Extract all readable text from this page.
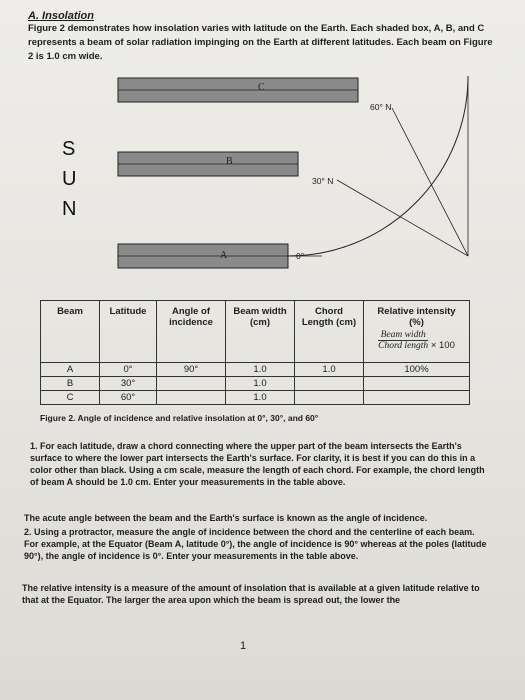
A. Insolation
Figure 2 demonstrates how insolation varies with latitude on the Earth. Each shaded box, A, B, and C represents a beam of solar radiation impinging on the Earth at different latitudes. Each beam on Figure 2 is 1.0 cm wide.
C
B
A
60° N
30° N
0°
S
U
N
Beam	Latitude	Angle of incidence	Beam width (cm)	Chord Length (cm)	Relative intensity
(%)
$\frac{\text{Beam width}}{\text{Chord length}} \times 100$

A	0°	90°	1.0	1.0	100%
B	30°		1.0		
C	60°		1.0		
Figure 2. Angle of incidence and relative insolation at 0°, 30°, and 60°
1. For each latitude, draw a chord connecting where the upper part of the beam intersects the Earth's surface to where the lower part intersects the Earth's surface. For clarity, it is best if you can do this in a color other than black. Using a cm scale, measure the length of each chord. For example, the chord length of beam A should be 1.0 cm. Enter your measurements in the table above.
The acute angle between the beam and the Earth's surface is known as the angle of incidence.
2. Using a protractor, measure the angle of incidence between the chord and the centerline of each beam. For example, at the Equator (Beam A, latitude 0°), the angle of incidence is 90° whereas at the poles (latitude 90°), the angle of incidence is 0°. Enter your measurements in the table above.
The relative intensity is a measure of the amount of insolation that is available at a given latitude relative to that at the Equator. The larger the area upon which the beam is spread out, the lower the
1
